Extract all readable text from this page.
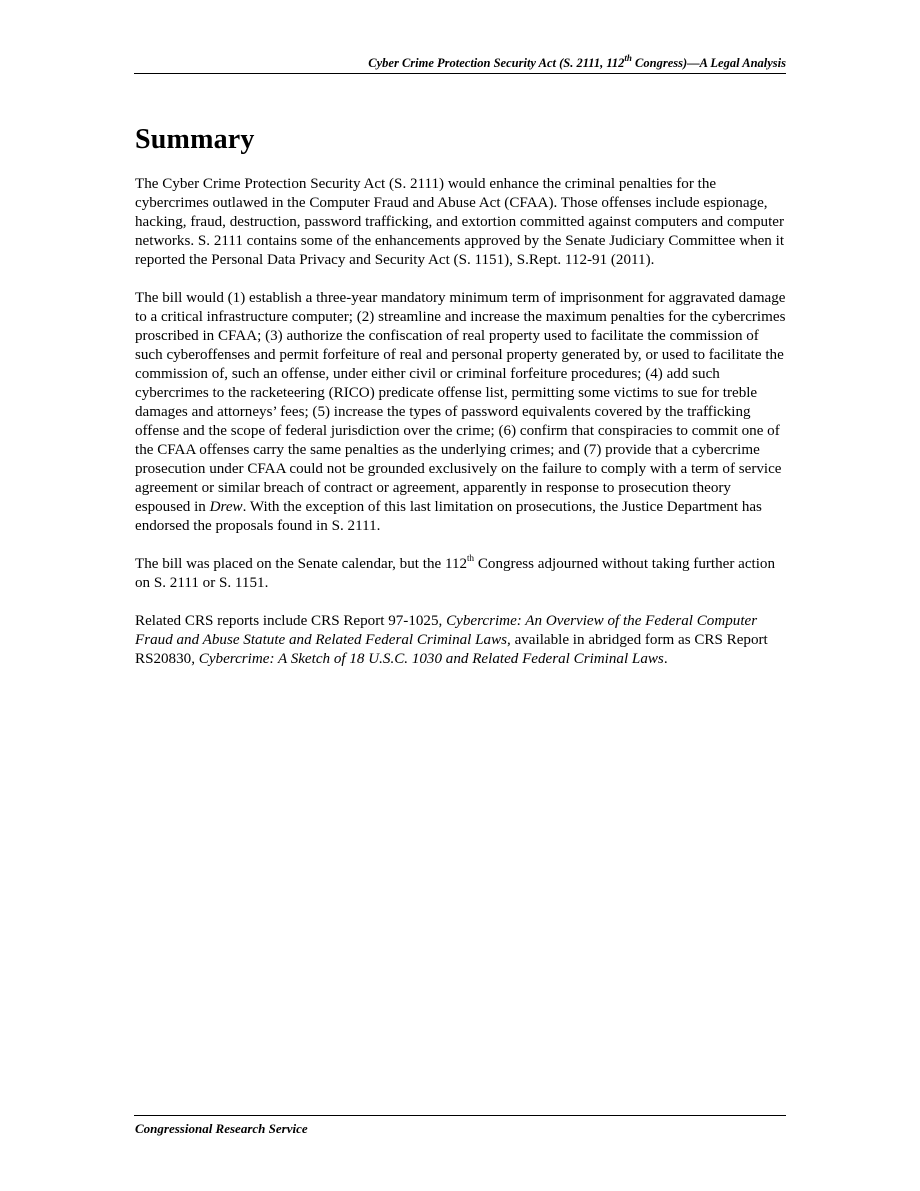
Cyber Crime Protection Security Act (S. 2111, 112th Congress)—A Legal Analysis
Summary

The Cyber Crime Protection Security Act (S. 2111) would enhance the criminal penalties for the cybercrimes outlawed in the Computer Fraud and Abuse Act (CFAA). Those offenses include espionage, hacking, fraud, destruction, password trafficking, and extortion committed against computers and computer networks. S. 2111 contains some of the enhancements approved by the Senate Judiciary Committee when it reported the Personal Data Privacy and Security Act (S. 1151), S.Rept. 112-91 (2011).

The bill would (1) establish a three-year mandatory minimum term of imprisonment for aggravated damage to a critical infrastructure computer; (2) streamline and increase the maximum penalties for the cybercrimes proscribed in CFAA; (3) authorize the confiscation of real property used to facilitate the commission of such cyberoffenses and permit forfeiture of real and personal property generated by, or used to facilitate the commission of, such an offense, under either civil or criminal forfeiture procedures; (4) add such cybercrimes to the racketeering (RICO) predicate offense list, permitting some victims to sue for treble damages and attorneys’ fees; (5) increase the types of password equivalents covered by the trafficking offense and the scope of federal jurisdiction over the crime; (6) confirm that conspiracies to commit one of the CFAA offenses carry the same penalties as the underlying crimes; and (7) provide that a cybercrime prosecution under CFAA could not be grounded exclusively on the failure to comply with a term of service agreement or similar breach of contract or agreement, apparently in response to prosecution theory espoused in Drew. With the exception of this last limitation on prosecutions, the Justice Department has endorsed the proposals found in S. 2111.

The bill was placed on the Senate calendar, but the 112th Congress adjourned without taking further action on S. 2111 or S. 1151.

Related CRS reports include CRS Report 97-1025, Cybercrime: An Overview of the Federal Computer Fraud and Abuse Statute and Related Federal Criminal Laws, available in abridged form as CRS Report RS20830, Cybercrime: A Sketch of 18 U.S.C. 1030 and Related Federal Criminal Laws.

Congressional Research Service
